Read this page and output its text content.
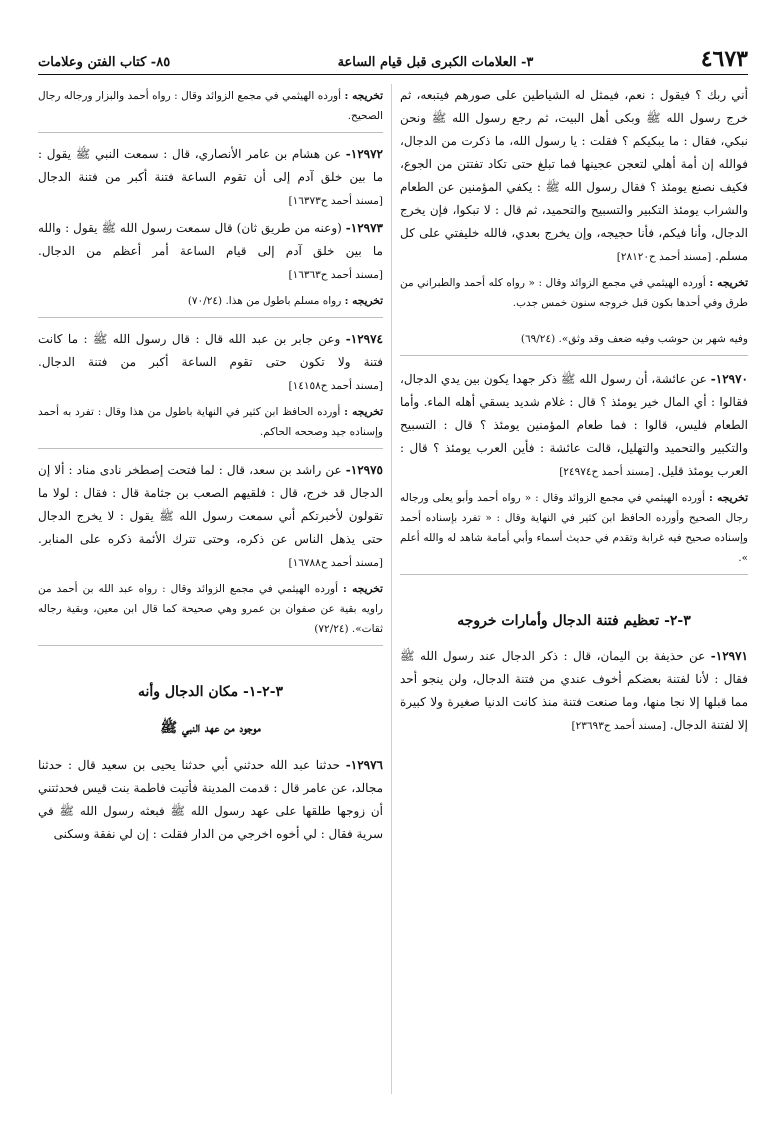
٤٦٧٣
٣- العلامات الكبرى قبل قيام الساعة
٨٥- كتاب الفتن وعلامات

أني ربك ؟ فيقول : نعم، فيمثل له الشياطين على صورهم فيتبعه، ثم خرج رسول الله ﷺ وبكى أهل البيت، ثم رجع رسول الله ﷺ ونحن نبكي، فقال : ما يبكيكم ؟ فقلت : يا رسول الله، ما ذكرت من الدجال، فوالله إن أمة أهلي لتعجن عجينها فما تبلغ حتى تكاد تفتتن من الجوع، فكيف نصنع يومئذ ؟ فقال رسول الله ﷺ : يكفي المؤمنين عن الطعام والشراب يومئذ التكبير والتسبيح والتحميد، ثم قال : لا تبكوا، فإن يخرج الدجال، وأنا فيكم، فأنا حجيجه، وإن يخرج بعدي، فالله خليفتي على كل مسلم. [مسند أحمد ح٢٨١٢٠]

تخريجه : أورده الهيثمي في مجمع الزوائد وقال : « رواه كله أحمد والطبراني من طرق وفي أحدها بكون قبل خروجه سنون خمس جدب.

وفيه شهر بن حوشب وفيه ضعف وقد وثق». (٦٩/٢٤)

١٢٩٧٠- عن عائشة، أن رسول الله ﷺ ذكر جهدا يكون بين يدي الدجال، فقالوا : أي المال خير يومئذ ؟ قال : غلام شديد يسقي أهله الماء. وأما الطعام فليس، قالوا : فما طعام المؤمنين يومئذ ؟ قال : التسبيح والتكبير والتحميد والتهليل، قالت عائشة : فأين العرب يومئذ ؟ قال : العرب يومئذ قليل. [مسند أحمد ح٢٤٩٧٤]

تخريجه : أورده الهيثمي في مجمع الزوائد وقال : « رواه أحمد وأبو يعلى ورجاله رجال الصحيح وأورده الحافظ ابن كثير في النهاية وقال : « تفرد بإسناده أحمد وإسناده صحيح فيه غرابة وتقدم في حديث أسماء وأبي أمامة شاهد له والله أعلم ».

٣-٢- تعظيم فتنة الدجال وأمارات خروجه

١٢٩٧١- عن حذيفة بن اليمان، قال : ذكر الدجال عند رسول الله ﷺ فقال : لأنا لفتنة بعضكم أخوف عندي من فتنة الدجال، ولن ينجو أحد مما قبلها إلا نجا منها، وما صنعت فتنة منذ كانت الدنيا صغيرة ولا كبيرة إلا لفتنة الدجال. [مسند أحمد ح٢٣٦٩٣]

تخريجه : أورده الهيثمي في مجمع الزوائد وقال : رواه أحمد والبزار ورجاله رجال الصحيح.

١٢٩٧٢- عن هشام بن عامر الأنصاري، قال : سمعت النبي ﷺ يقول : ما بين خلق آدم إلى أن تقوم الساعة فتنة أكبر من فتنة الدجال [مسند أحمد ح١٦٣٧٣]

١٢٩٧٣- (وعنه من طريق ثان) قال سمعت رسول الله ﷺ يقول : والله ما بين خلق آدم إلى قيام الساعة أمر أعظم من الدجال. [مسند أحمد ح١٦٣٦٣]

تخريجه : رواه مسلم باطول من هذا. (٧٠/٢٤)

١٢٩٧٤- وعن جابر بن عبد الله قال : قال رسول الله ﷺ : ما كانت فتنة ولا تكون حتى تقوم الساعة أكبر من فتنة الدجال. [مسند أحمد ح١٤١٥٨]

تخريجه : أورده الحافظ ابن كثير في النهاية باطول من هذا وقال : تفرد به أحمد وإسناده جيد وصححه الحاكم.

١٢٩٧٥- عن راشد بن سعد، قال : لما فتحت إصطخر نادى مناد : ألا إن الدجال قد خرج، قال : فلقيهم الصعب بن جثامة قال : فقال : لولا ما تقولون لأخبرتكم أني سمعت رسول الله ﷺ يقول : لا يخرج الدجال حتى يذهل الناس عن ذكره، وحتى تترك الأئمة ذكره على المنابر. [مسند أحمد ح١٦٧٨٨]

تخريجه : أورده الهيثمي في مجمع الزوائد وقال : رواه عبد الله بن أحمد من راويه بقية عن صفوان بن عمرو وهي صحيحة كما قال ابن معين، وبقية رجاله ثقات». (٧٢/٢٤)

٣-٢-١- مكان الدجال وأنه
موجود من عهد النبي ﷺ

١٢٩٧٦- حدثنا عبد الله حدثني أبي حدثنا يحيى بن سعيد قال : حدثنا مجالد، عن عامر قال : قدمت المدينة فأتيت فاطمة بنت قيس فحدثتني أن زوجها طلقها على عهد رسول الله ﷺ فبعثه رسول الله ﷺ في سرية فقال : لي أخوه اخرجي من الدار فقلت : إن لي نفقة وسكنى
